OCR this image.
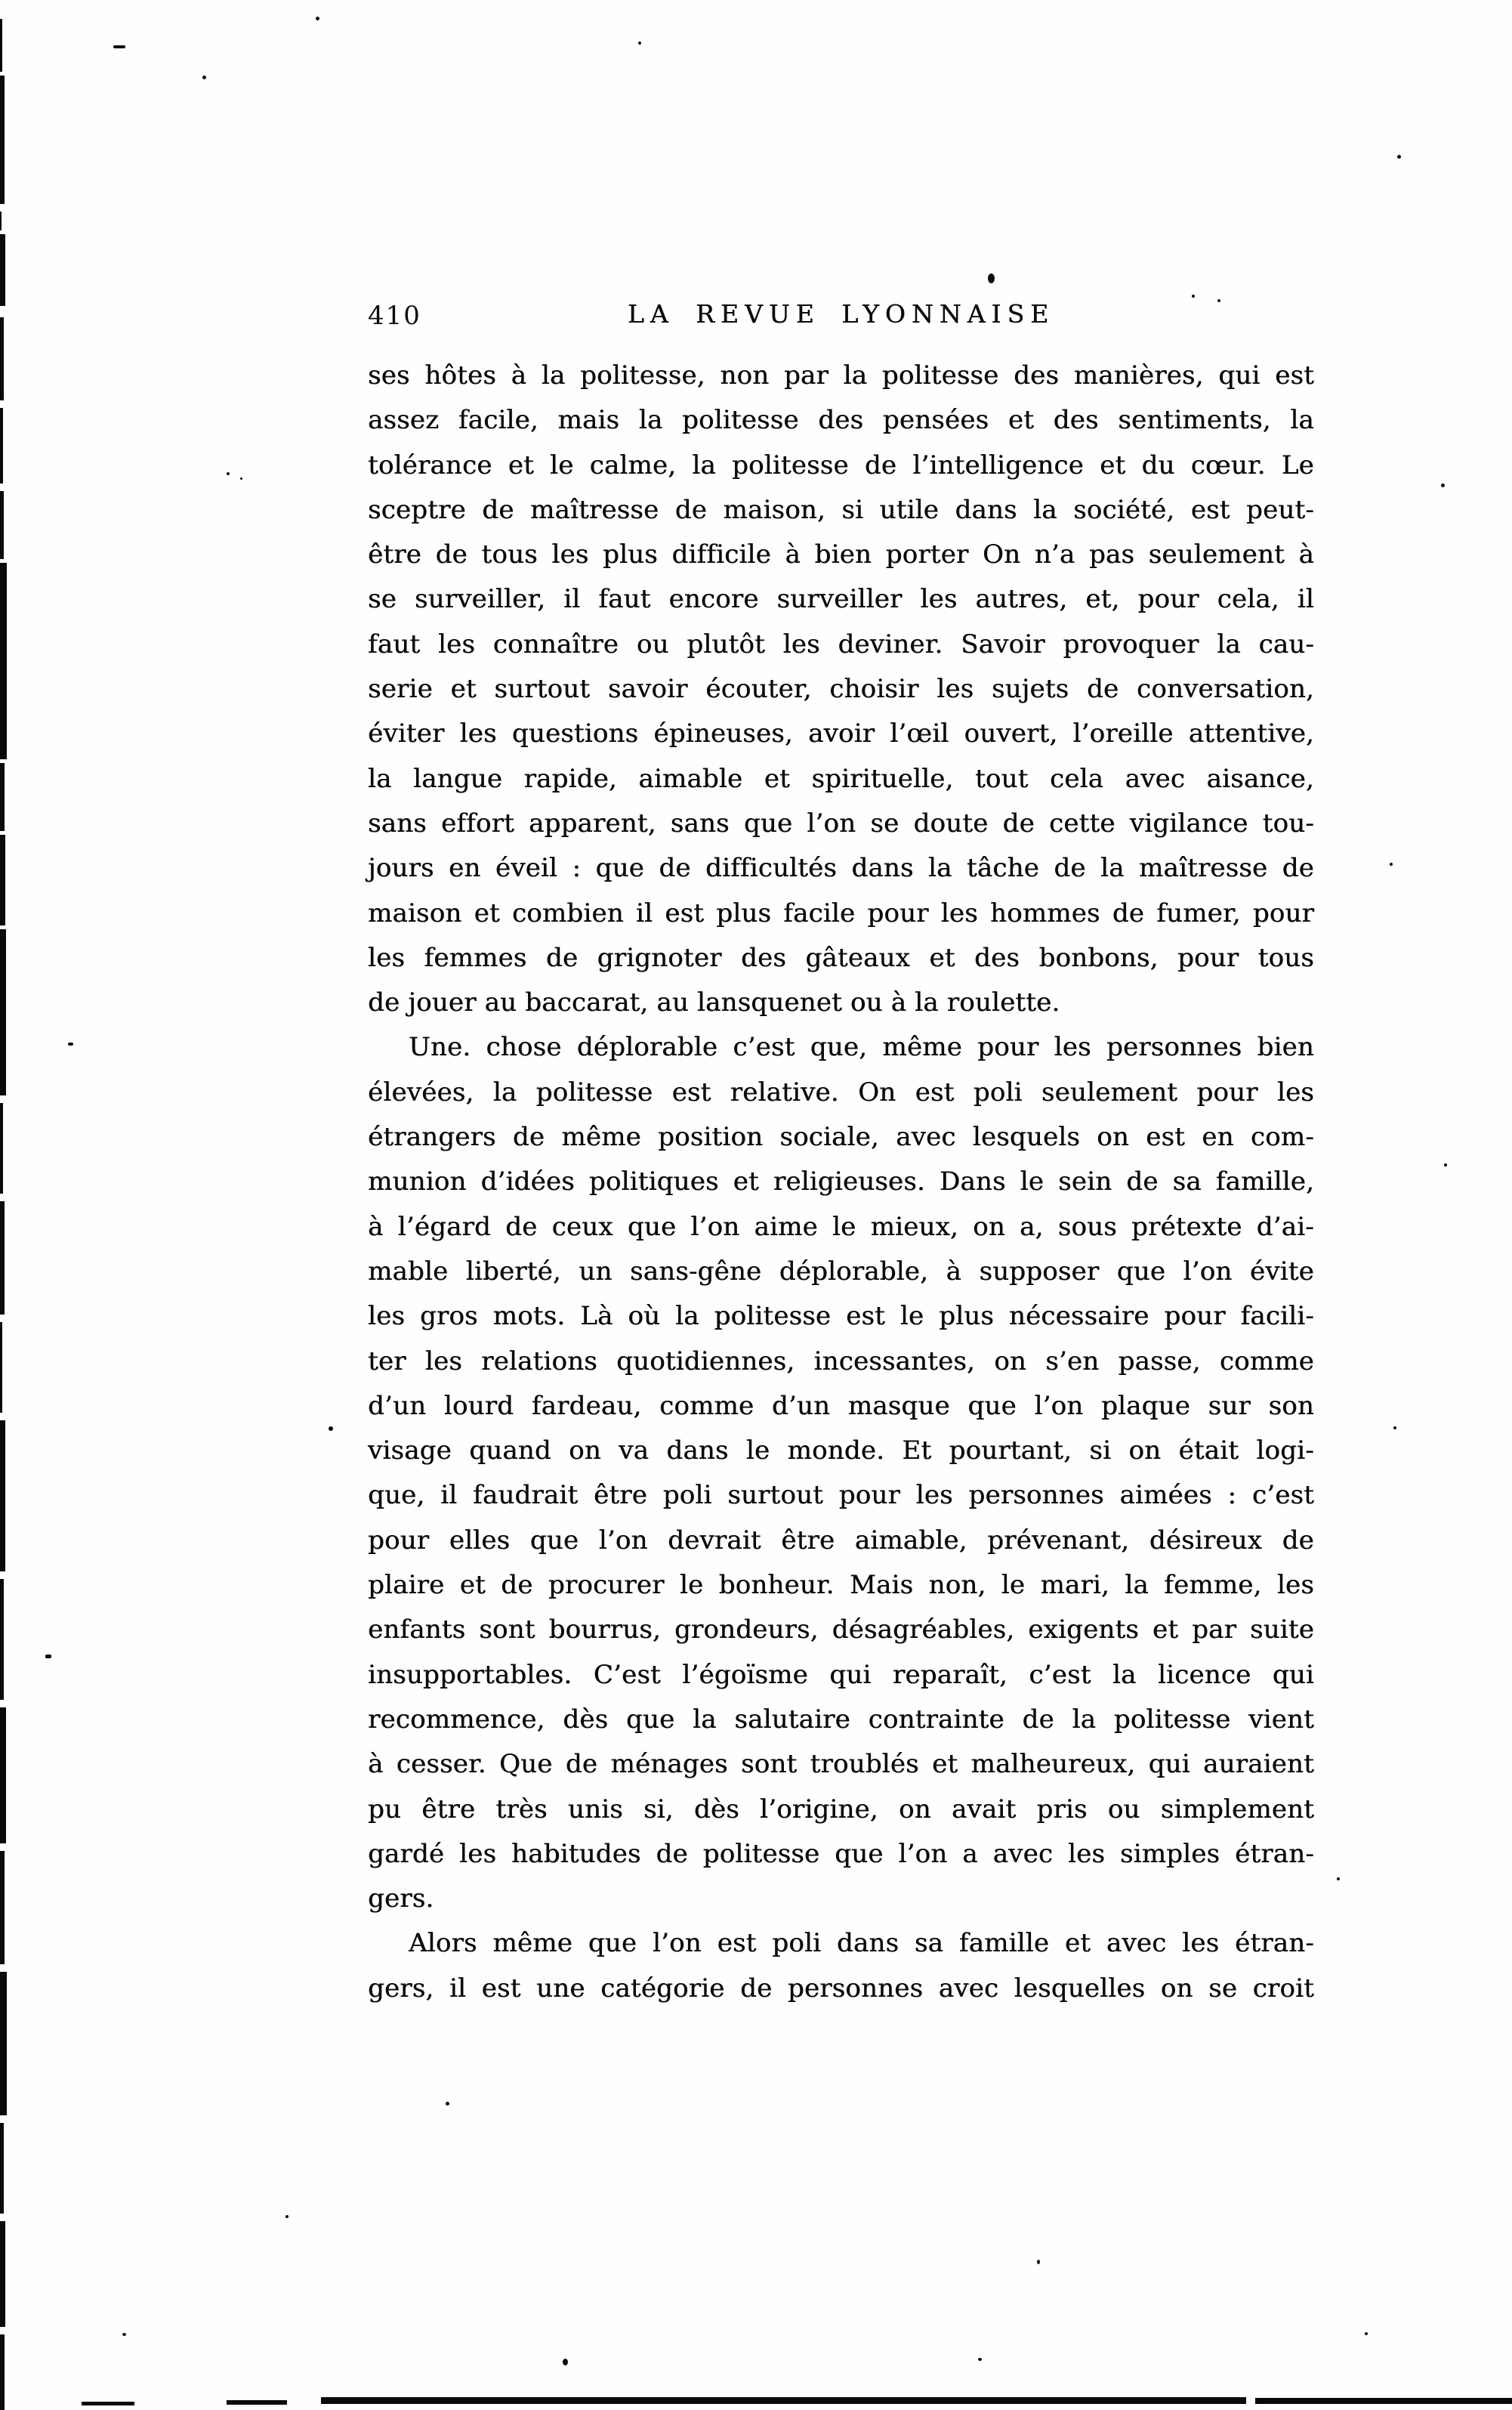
410	LA REVUE LYONNAISE
ses hôtes à la politesse, non par la politesse des manières, qui est
assez facile, mais la politesse des pensées et des sentiments, la
tolérance et le calme, la politesse de l’intelligence et du cœur. Le
sceptre de maîtresse de maison, si utile dans la société, est peut-
être de tous les plus difficile à bien porter On n’a pas seulement à
se surveiller, il faut encore surveiller les autres, et, pour cela, il
faut les connaître ou plutôt les deviner. Savoir provoquer la cau-
serie et surtout savoir écouter, choisir les sujets de conversation,
éviter les questions épineuses, avoir l’œil ouvert, l’oreille attentive,
la langue rapide, aimable et spirituelle, tout cela avec aisance,
sans effort apparent, sans que l’on se doute de cette vigilance tou-
jours en éveil : que de difficultés dans la tâche de la maîtresse de
maison et combien il est plus facile pour les hommes de fumer, pour
les femmes de grignoter des gâteaux et des bonbons, pour tous
de jouer au baccarat, au lansquenet ou à la roulette.
Une. chose déplorable c’est que, même pour les personnes bien
élevées, la politesse est relative. On est poli seulement pour les
étrangers de même position sociale, avec lesquels on est en com-
munion d’idées politiques et religieuses. Dans le sein de sa famille,
à l’égard de ceux que l’on aime le mieux, on a, sous prétexte d’ai-
mable liberté, un sans-gêne déplorable, à supposer que l’on évite
les gros mots. Là où la politesse est le plus nécessaire pour facili-
ter les relations quotidiennes, incessantes, on s’en passe, comme
d’un lourd fardeau, comme d’un masque que l’on plaque sur son
visage quand on va dans le monde. Et pourtant, si on était logi-
que, il faudrait être poli surtout pour les personnes aimées : c’est
pour elles que l’on devrait être aimable, prévenant, désireux de
plaire et de procurer le bonheur. Mais non, le mari, la femme, les
enfants sont bourrus, grondeurs, désagréables, exigents et par suite
insupportables. C’est l’égoïsme qui reparaît, c’est la licence qui
recommence, dès que la salutaire contrainte de la politesse vient
à cesser. Que de ménages sont troublés et malheureux, qui auraient
pu être très unis si, dès l’origine, on avait pris ou simplement
gardé les habitudes de politesse que l’on a avec les simples étran-
gers.
Alors même que l’on est poli dans sa famille et avec les étran-
gers, il est une catégorie de personnes avec lesquelles on se croit
